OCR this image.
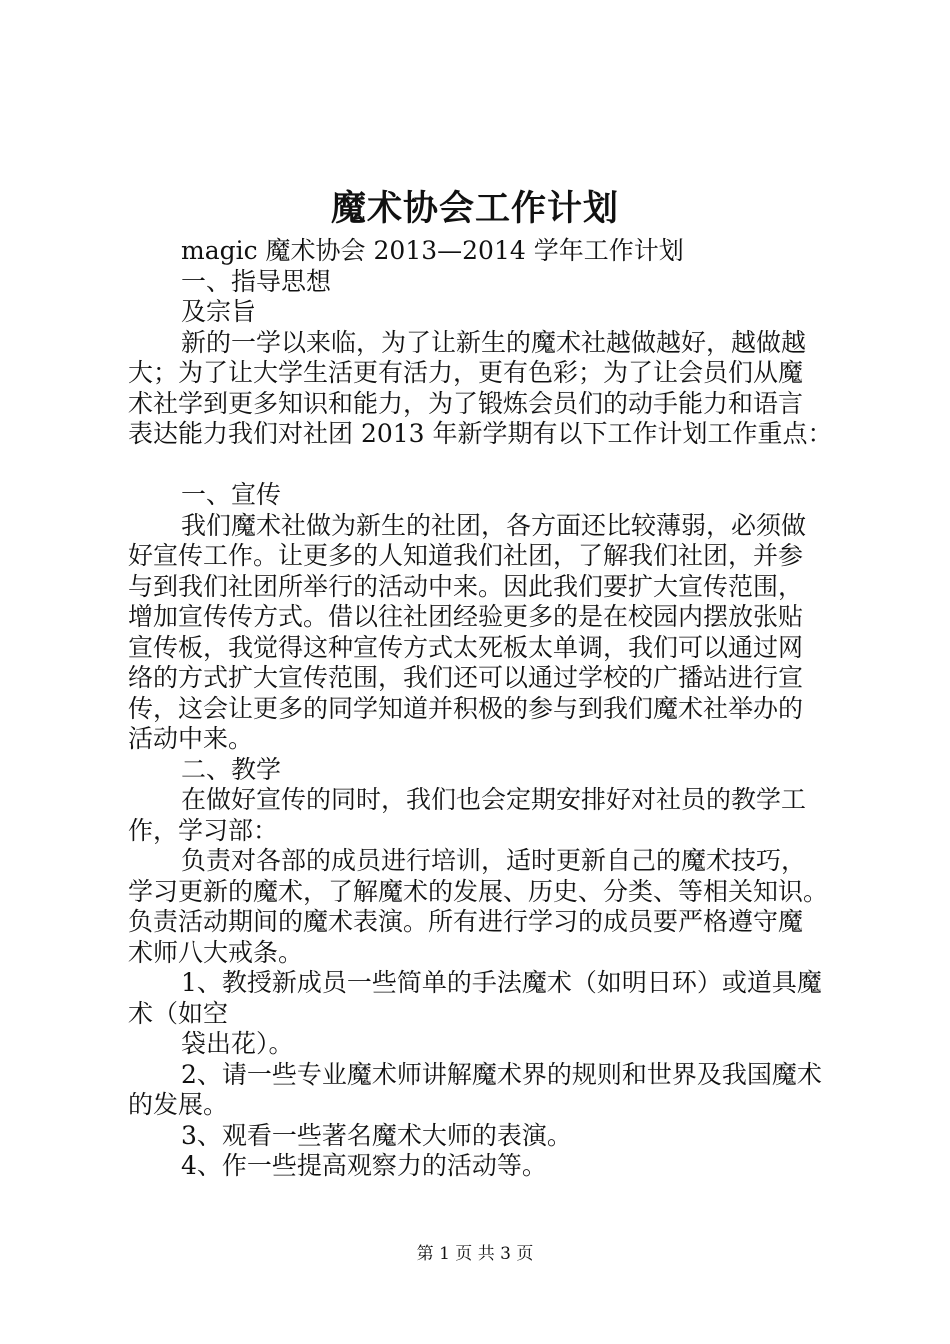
魔术协会工作计划
magic 魔术协会 2013—2014 学年工作计划
一、指导思想
及宗旨
新的一学以来临，为了让新生的魔术社越做越好，越做越
大；为了让大学生活更有活力，更有色彩；为了让会员们从魔
术社学到更多知识和能力，为了锻炼会员们的动手能力和语言
表达能力我们对社团 2013 年新学期有以下工作计划工作重点：
一、宣传
我们魔术社做为新生的社团，各方面还比较薄弱，必须做
好宣传工作。让更多的人知道我们社团，了解我们社团，并参
与到我们社团所举行的活动中来。因此我们要扩大宣传范围，
增加宣传传方式。借以往社团经验更多的是在校园内摆放张贴
宣传板，我觉得这种宣传方式太死板太单调，我们可以通过网
络的方式扩大宣传范围，我们还可以通过学校的广播站进行宣
传，这会让更多的同学知道并积极的参与到我们魔术社举办的
活动中来。
二、教学
在做好宣传的同时，我们也会定期安排好对社员的教学工
作，学习部：
负责对各部的成员进行培训，适时更新自己的魔术技巧，
学习更新的魔术，了解魔术的发展、历史、分类、等相关知识。
负责活动期间的魔术表演。所有进行学习的成员要严格遵守魔
术师八大戒条。
1、教授新成员一些简单的手法魔术（如明日环）或道具魔
术（如空
袋出花）。
2、请一些专业魔术师讲解魔术界的规则和世界及我国魔术
的发展。
3、观看一些著名魔术大师的表演。
4、作一些提高观察力的活动等。
第 1 页 共 3 页
